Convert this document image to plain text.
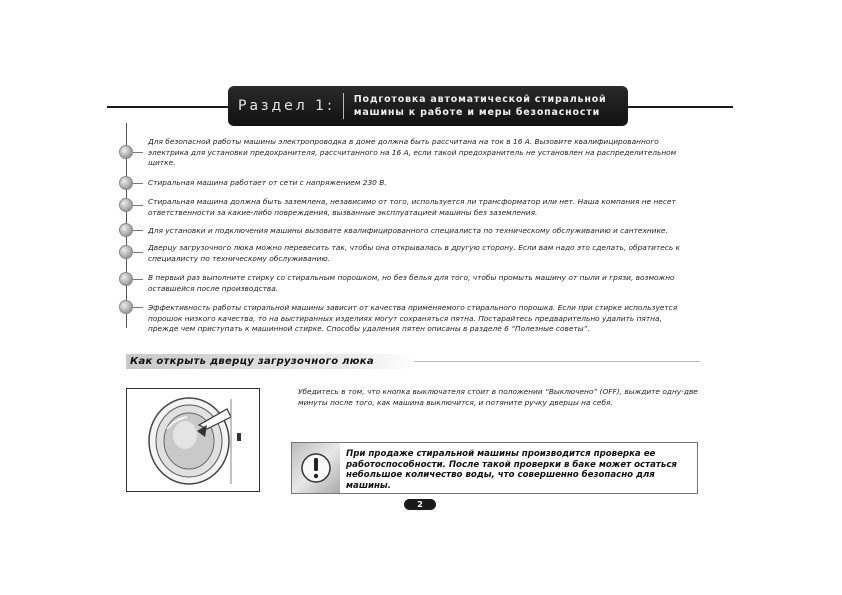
Раздел 1:	Подготовка автоматической стиральной
машины к работе и меры безопасности
Для безопасной работы машины электропроводка в доме должна быть рассчитана на ток в 16 А. Вызовите квалифицированного электрика для установки предохранителя, рассчитанного на 16 А, если такой предохранитель не установлен на распределительном щитке.
Стиральная машина работает от сети с напряжением 230 В.
Стиральная машина должна быть заземлена, независимо от того, используется ли трансформатор или нет. Наша компания не несет ответственности за какие-либо повреждения, вызванные эксплуатацией машины без заземления.
Для установки и подключения машины вызовите квалифицированного специалиста по техническому обслуживанию и сантехнике.
Дверцу загрузочного люка можно перевесить так, чтобы она открывалась в другую сторону. Если вам надо это сделать, обратитесь к специалисту по техническому обслуживанию.
В первый раз выполните стирку со стиральным порошком, но без белья для того, чтобы промыть машину от пыли и грязи, возможно оставшейся после производства.
Эффективность работы стиральной машины зависит от качества применяемого стирального порошка. Если при стирке используется порошок низкого качества, то на выстиранных изделиях могут сохраняться пятна. Постарайтесь предварительно удалить пятна, прежде чем приступать к машинной стирке. Способы удаления пятен описаны в разделе 6 “Полезные советы”.
Как открыть дверцу загрузочного люка
Убедитесь в том, что кнопка выключателя стоит в положении “Выключено” (OFF), выждите одну-две минуты после того, как машина выключится, и потяните ручку дверцы на себя.
При продаже стиральной машины производится проверка ее работоспособности. После такой проверки в баке может остаться небольшое количество воды, что совершенно безопасно для машины.
2
